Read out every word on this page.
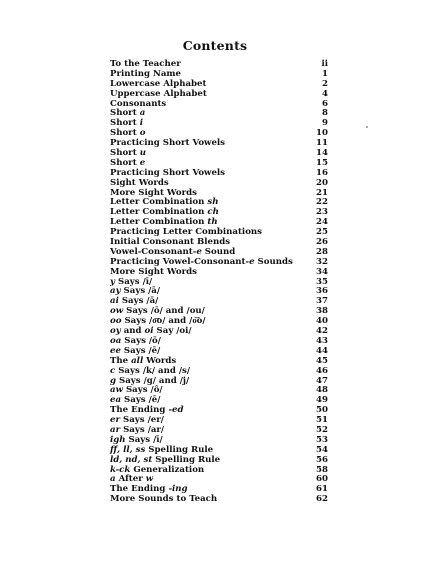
Contents
To the Teacher	ii
Printing Name	1
Lowercase Alphabet	2
Uppercase Alphabet	4
Consonants	6
Short a	8
Short i	9
Short o	10
Practicing Short Vowels	11
Short u	14
Short e	15
Practicing Short Vowels	16
Sight Words	20
More Sight Words	21
Letter Combination sh	22
Letter Combination ch	23
Letter Combination th	24
Practicing Letter Combinations	25
Initial Consonant Blends	26
Vowel-Consonant-e Sound	28
Practicing Vowel-Consonant-e Sounds	32
More Sight Words	34
y Says /ī/	35
ay Says /ā/	36
ai Says /ā/	37
ow Says /ō/ and /ou/	38
oo Says /o͞o/ and /o͝o/	40
oy and oi Say /oi/	42
oa Says /ō/	43
ee Says /ē/	44
The all Words	45
c Says /k/ and /s/	46
g Says /g/ and /j/	47
aw Says /ô/	48
ea Says /ē/	49
The Ending -ed	50
er Says /er/	51
ar Says /ar/	52
igh Says /ī/	53
ff, ll, ss Spelling Rule	54
ld, nd, st Spelling Rule	56
k-ck Generalization	58
a After w	60
The Ending -ing	61
More Sounds to Teach	62
